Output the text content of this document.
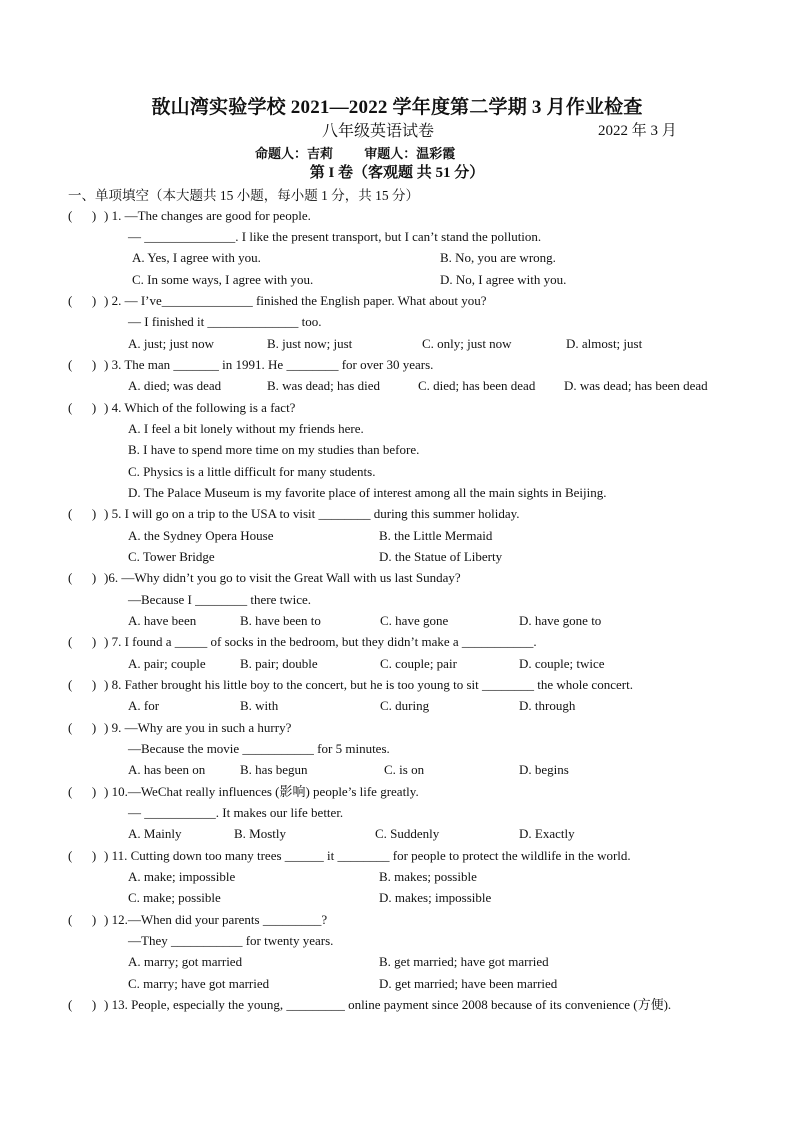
敔山湾实验学校 2021—2022 学年度第二学期 3 月作业检查
八年级英语试卷	2022 年 3 月
命题人：吉莉 审题人：温彩霞
第 I 卷（客观题 共 51 分）
一、单项填空（本大题共 15 小题，每小题 1 分，共 15 分）
(      ) ) 1. —The changes are good for people.
— ______________. I like the present transport, but I can’t stand the pollution.
A. Yes, I agree with you.	B. No, you are wrong.
C. In some ways, I agree with you.	D. No, I agree with you.
(      ) ) 2. — I’ve______________ finished the English paper. What about you?
— I finished it ______________ too.
A. just; just now	B. just now; just	C. only; just now	D. almost; just
(      ) ) 3. The man _______ in 1991. He ________ for over 30 years.
A. died; was dead	B. was dead; has died	C. died; has been dead D. was dead; has been dead
(      ) ) 4. Which of the following is a fact?
A. I feel a bit lonely without my friends here.
B. I have to spend more time on my studies than before.
C. Physics is a little difficult for many students.
D. The Palace Museum is my favorite place of interest among all the main sights in Beijing.
(      ) ) 5. I will go on a trip to the USA to visit ________ during this summer holiday.
A. the Sydney Opera House	B. the Little Mermaid
C. Tower Bridge	D. the Statue of Liberty
(      ) )6. —Why didn’t you go to visit the Great Wall with us last Sunday?
—Because I ________ there twice.
A. have been	B. have been to	C. have gone	D. have gone to
(      ) ) 7. I found a _____ of socks in the bedroom, but they didn’t make a ___________.
A. pair; couple	B. pair; double	C. couple; pair	D. couple; twice
(      ) ) 8. Father brought his little boy to the concert, but he is too young to sit ________ the whole concert.
A. for	B. with	C. during	D. through
(      ) ) 9. —Why are you in such a hurry?
—Because the movie ___________ for 5 minutes.
A. has been on	B. has begun	C. is on	D. begins
(      ) ) 10.—WeChat really influences (影响) people’s life greatly.
— ___________. It makes our life better.
A. Mainly	B. Mostly	C. Suddenly	D. Exactly
(      ) ) 11. Cutting down too many trees ______ it ________ for people to protect the wildlife in the world.
A. make; impossible	B. makes; possible
C. make; possible	D. makes; impossible
(      ) ) 12.—When did your parents _________?
—They ___________ for twenty years.
A. marry; got married	B. get married; have got married
C. marry; have got married	D. get married; have been married
(      ) ) 13. People, especially the young, _________ online payment since 2008 because of its convenience (方便).
